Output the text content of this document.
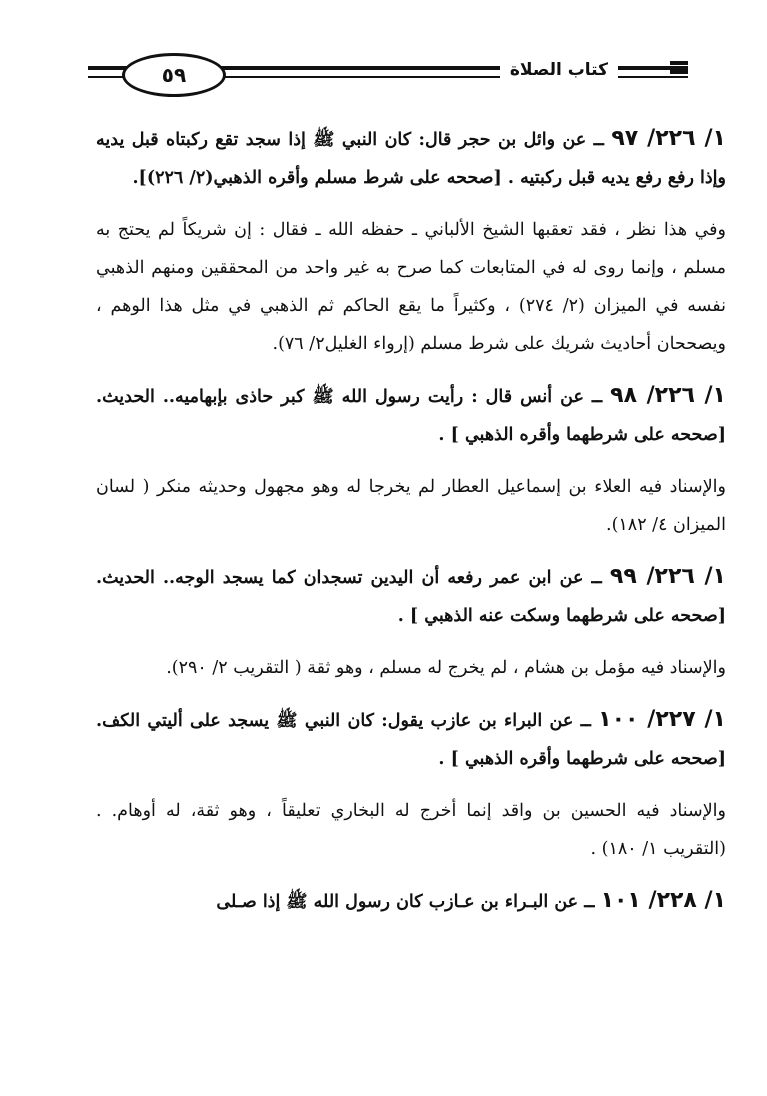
٥٩	كتاب الصلاة

١/ ٢٢٦/ ٩٧ ــ عن وائل بن حجر قال: كان النبي ﷺ إذا سجد تقع ركبتاه قبل يديه وإذا رفع رفع يديه قبل ركبتيه . [صححه على شرط مسلم وأقره الذهبي(٢/ ٢٢٦)].

وفي هذا نظر ، فقد تعقبها الشيخ الألباني ـ حفظه الله ـ فقال : إن شريكاً لم يحتج به مسلم ، وإنما روى له في المتابعات كما صرح به غير واحد من المحققين ومنهم الذهبي نفسه في الميزان (٢/ ٢٧٤) ، وكثيراً ما يقع الحاكم ثم الذهبي في مثل هذا الوهم ، ويصححان أحاديث شريك على شرط مسلم (إرواء الغليل٢/ ٧٦).

١/ ٢٢٦/ ٩٨ ــ عن أنس قال : رأيت رسول الله ﷺ كبر حاذى بإبهاميه.. الحديث. [صححه على شرطهما وأقره الذهبي ] .

والإسناد فيه العلاء بن إسماعيل العطار لم يخرجا له وهو مجهول وحديثه منكر ( لسان الميزان ٤/ ١٨٢).

١/ ٢٢٦/ ٩٩ ــ عن ابن عمر رفعه أن اليدين تسجدان كما يسجد الوجه.. الحديث. [صححه على شرطهما وسكت عنه الذهبي ] .

والإسناد فيه مؤمل بن هشام ، لم يخرج له مسلم ، وهو ثقة ( التقريب ٢/ ٢٩٠).

١/ ٢٢٧/ ١٠٠ ــ عن البراء بن عازب يقول: كان النبي ﷺ يسجد على أليتي الكف. [صححه على شرطهما وأقره الذهبي ] .

والإسناد فيه الحسين بن واقد إنما أخرج له البخاري تعليقاً ، وهو ثقة، له أوهام. . (التقريب ١/ ١٨٠) .

١/ ٢٢٨/ ١٠١ ــ عن البـراء بن عـازب كان رسول الله ﷺ إذا صـلى
